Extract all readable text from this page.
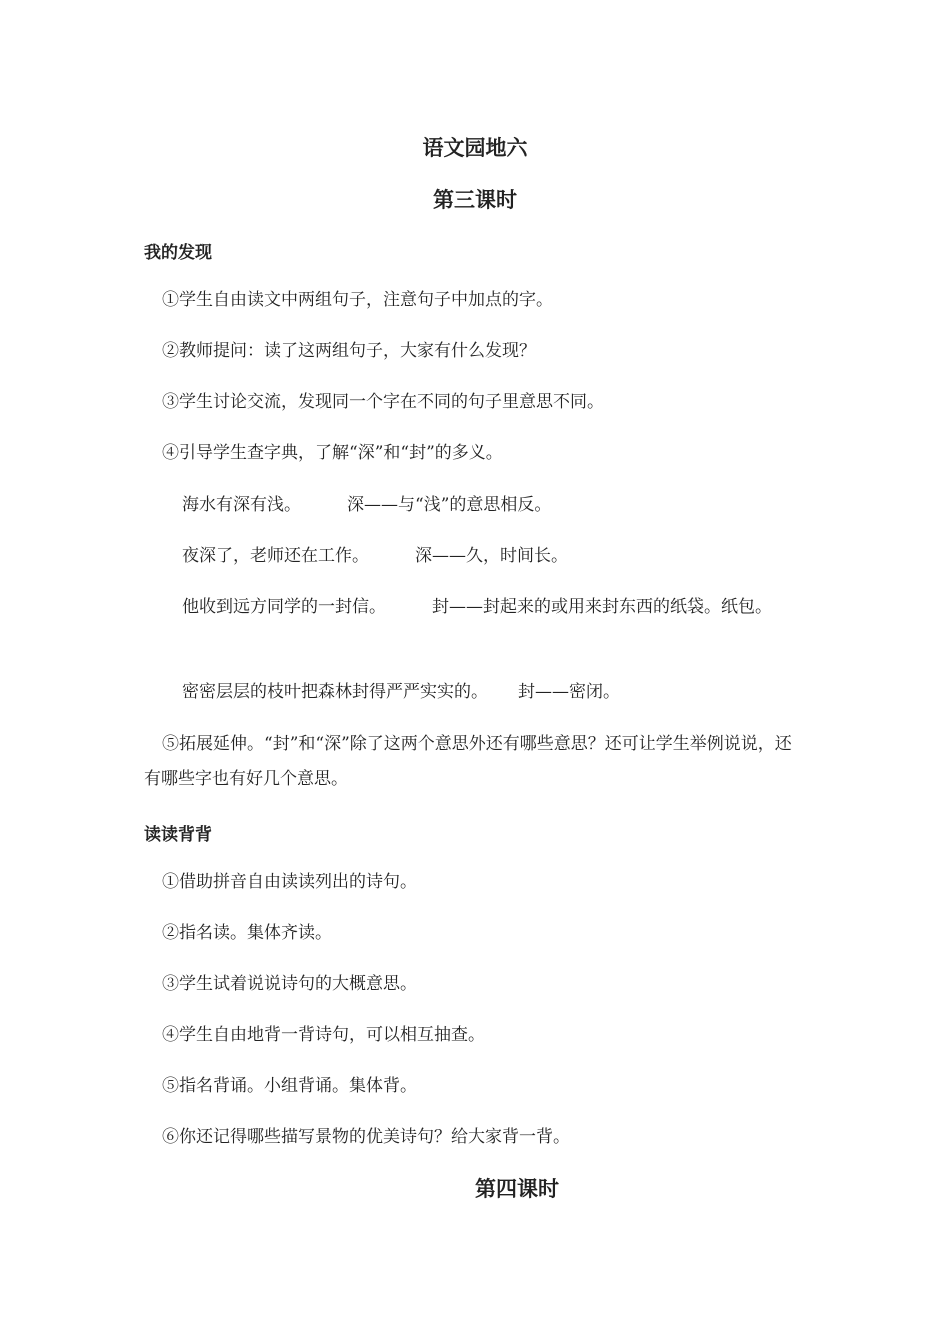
语文园地六
第三课时
我的发现

①学生自由读文中两组句子，注意句子中加点的字。

②教师提问：读了这两组句子，大家有什么发现？

③学生讨论交流，发现同一个字在不同的句子里意思不同。

④引导学生查字典，了解“深”和“封”的多义。

海水有深有浅。	深——与“浅”的意思相反。

夜深了，老师还在工作。	深——久，时间长。

他收到远方同学的一封信。	封——封起来的或用来封东西的纸袋。纸包。

密密层层的枝叶把森林封得严严实实的。 封——密闭。

⑤拓展延伸。“封”和“深”除了这两个意思外还有哪些意思？还可让学生举例说说，还有哪些字也有好几个意思。

读读背背

①借助拼音自由读读列出的诗句。

②指名读。集体齐读。

③学生试着说说诗句的大概意思。

④学生自由地背一背诗句，可以相互抽查。

⑤指名背诵。小组背诵。集体背。

⑥你还记得哪些描写景物的优美诗句？给大家背一背。

第四课时
